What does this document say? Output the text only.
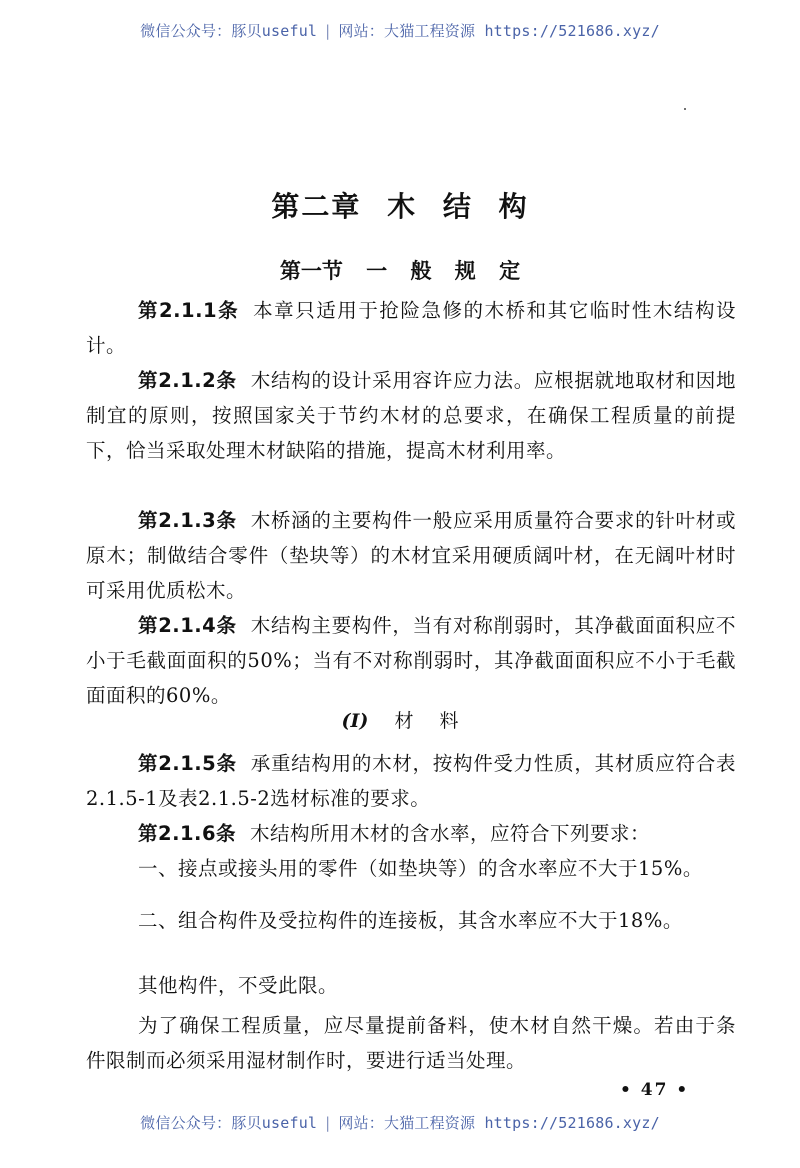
微信公众号：豚贝useful | 网站：大猫工程资源 https://521686.xyz/
第二章 木 结 构
第一节 一 般 规 定

第2.1.1条 本章只适用于抢险急修的木桥和其它临时性木结构设计。

第2.1.2条 木结构的设计采用容许应力法。应根据就地取材和因地制宜的原则，按照国家关于节约木材的总要求，在确保工程质量的前提下，恰当采取处理木材缺陷的措施，提高木材利用率。

第2.1.3条 木桥涵的主要构件一般应采用质量符合要求的针叶材或原木；制做结合零件（垫块等）的木材宜采用硬质阔叶材，在无阔叶材时可采用优质松木。

第2.1.4条 木结构主要构件，当有对称削弱时，其净截面面积应不小于毛截面面积的50%；当有不对称削弱时，其净截面面积应不小于毛截面面积的60%。

(I) 材 料

第2.1.5条 承重结构用的木材，按构件受力性质，其材质应符合表2.1.5-1及表2.1.5-2选材标准的要求。

第2.1.6条 木结构所用木材的含水率，应符合下列要求：

一、接点或接头用的零件（如垫块等）的含水率应不大于15%。

二、组合构件及受拉构件的连接板，其含水率应不大于18%。

其他构件，不受此限。

为了确保工程质量，应尽量提前备料，使木材自然干燥。若由于条件限制而必须采用湿材制作时，要进行适当处理。

• 47 •
微信公众号：豚贝useful | 网站：大猫工程资源 https://521686.xyz/
